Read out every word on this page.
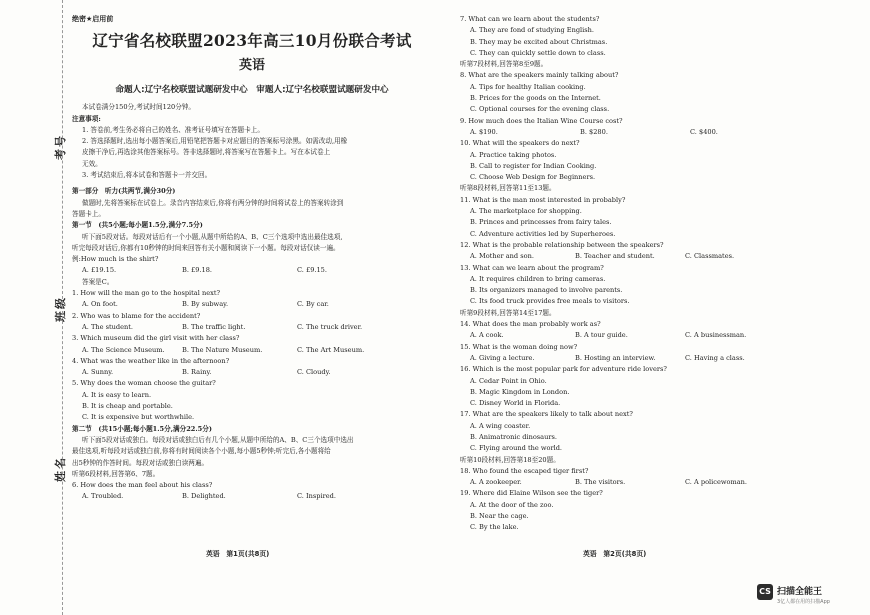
考号
班级
姓名
绝密★启用前
辽宁省名校联盟2023年高三10月份联合考试
英语
命题人:辽宁名校联盟试题研发中心　审题人:辽宁名校联盟试题研发中心

本试卷满分150分,考试时间120分钟。

注意事项:

1. 答卷前,考生务必将自己的姓名、准考证号填写在答题卡上。

2. 答选择题时,选出每小题答案后,用铅笔把答题卡对应题目的答案标号涂黑。如需改动,用橡

皮擦干净后,再选涂其他答案标号。答非选择题时,将答案写在答题卡上。写在本试卷上

无效。

3. 考试结束后,将本试卷和答题卡一并交回。

第一部分　听力(共两节,满分30分)

做题时,先将答案标在试卷上。录音内容结束后,你将有两分钟的时间将试卷上的答案转涂到

答题卡上。

第一节　(共5小题;每小题1.5分,满分7.5分)

听下面5段对话。每段对话后有一个小题,从题中所给的A、B、C三个选项中选出最佳选项,

听完每段对话后,你都有10秒钟的时间来回答有关小题和阅读下一小题。每段对话仅读一遍。

例:How much is the shirt?

A. £19.15.	B. £9.18.	C. £9.15.

答案是C。

1. How will the man go to the hospital next?

A. On foot.	B. By subway.	C. By car.

2. Who was to blame for the accident?

A. The student.	B. The traffic light.	C. The truck driver.

3. Which museum did the girl visit with her class?

A. The Science Museum.	B. The Nature Museum.	C. The Art Museum.

4. What was the weather like in the afternoon?

A. Sunny.	B. Rainy.	C. Cloudy.

5. Why does the woman choose the guitar?

A. It is easy to learn.

B. It is cheap and portable.

C. It is expensive but worthwhile.

第二节　(共15小题;每小题1.5分,满分22.5分)

听下面5段对话或独白。每段对话或独白后有几个小题,从题中所给的A、B、C三个选项中选出

最佳选项,听每段对话或独白前,你将有时间阅读各个小题,每小题5秒钟;听完后,各小题将给

出5秒钟的作答时间。每段对话或独白读两遍。

听第6段材料,回答第6、7题。

6. How does the man feel about his class?

A. Troubled.	B. Delighted.	C. Inspired.

7. What can we learn about the students?

A. They are fond of studying English.

B. They may be excited about Christmas.

C. They can quickly settle down to class.

听第7段材料,回答第8至9题。

8. What are the speakers mainly talking about?

A. Tips for healthy Italian cooking.

B. Prices for the goods on the Internet.

C. Optional courses for the evening class.

9. How much does the Italian Wine Course cost?

A. $190.	B. $280.	C. $400.

10. What will the speakers do next?

A. Practice taking photos.

B. Call to register for Indian Cooking.

C. Choose Web Design for Beginners.

听第8段材料,回答第11至13题。

11. What is the man most interested in probably?

A. The marketplace for shopping.

B. Princes and princesses from fairy tales.

C. Adventure activities led by Superheroes.

12. What is the probable relationship between the speakers?

A. Mother and son.	B. Teacher and student.	C. Classmates.

13. What can we learn about the program?

A. It requires children to bring cameras.

B. Its organizers managed to involve parents.

C. Its food truck provides free meals to visitors.

听第9段材料,回答第14至17题。

14. What does the man probably work as?

A. A cook.	B. A tour guide.	C. A businessman.

15. What is the woman doing now?

A. Giving a lecture.	B. Hosting an interview.	C. Having a class.

16. Which is the most popular park for adventure ride lovers?

A. Cedar Point in Ohio.

B. Magic Kingdom in London.

C. Disney World in Florida.

17. What are the speakers likely to talk about next?

A. A wing coaster.

B. Animatronic dinosaurs.

C. Flying around the world.

听第10段材料,回答第18至20题。

18. Who found the escaped tiger first?

A. A zookeeper.	B. The visitors.	C. A policewoman.

19. Where did Elaine Wilson see the tiger?

A. At the door of the zoo.

B. Near the cage.

C. By the lake.

英语　第1页(共8页)	英语　第2页(共8页)
CS 扫描全能王
3亿人都在用的扫描App
